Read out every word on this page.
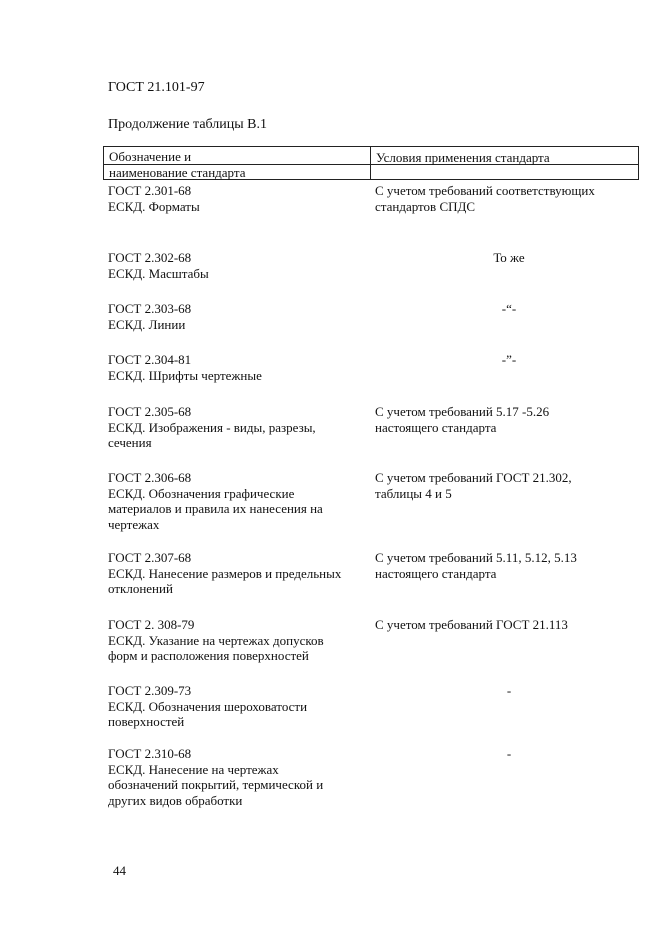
ГОСТ 21.101-97
Продолжение таблицы В.1
Обозначение и
наименование стандарта
Условия применения стандарта
ГОСТ 2.301-68
ЕСКД. Форматы
С учетом требований соответствующих
стандартов СПДС
ГОСТ 2.302-68
ЕСКД. Масштабы
То же
ГОСТ 2.303-68
ЕСКД. Линии
-“-
ГОСТ 2.304-81
ЕСКД. Шрифты чертежные
-”-
ГОСТ 2.305-68
ЕСКД. Изображения - виды, разрезы,
сечения
С учетом требований 5.17 -5.26
настоящего стандарта
ГОСТ 2.306-68
ЕСКД. Обозначения графические
материалов и правила их нанесения на
чертежах
С учетом требований ГОСТ 21.302,
таблицы 4 и 5
ГОСТ 2.307-68
ЕСКД. Нанесение размеров и предельных
отклонений
С учетом требований 5.11, 5.12, 5.13
настоящего стандарта
ГОСТ 2. 308-79
ЕСКД. Указание на чертежах допусков
форм и расположения поверхностей
С учетом требований ГОСТ 21.113
ГОСТ 2.309-73
ЕСКД. Обозначения шероховатости
поверхностей
-
ГОСТ 2.310-68
ЕСКД. Нанесение на чертежах
обозначений покрытий, термической и
других видов обработки
-
44
